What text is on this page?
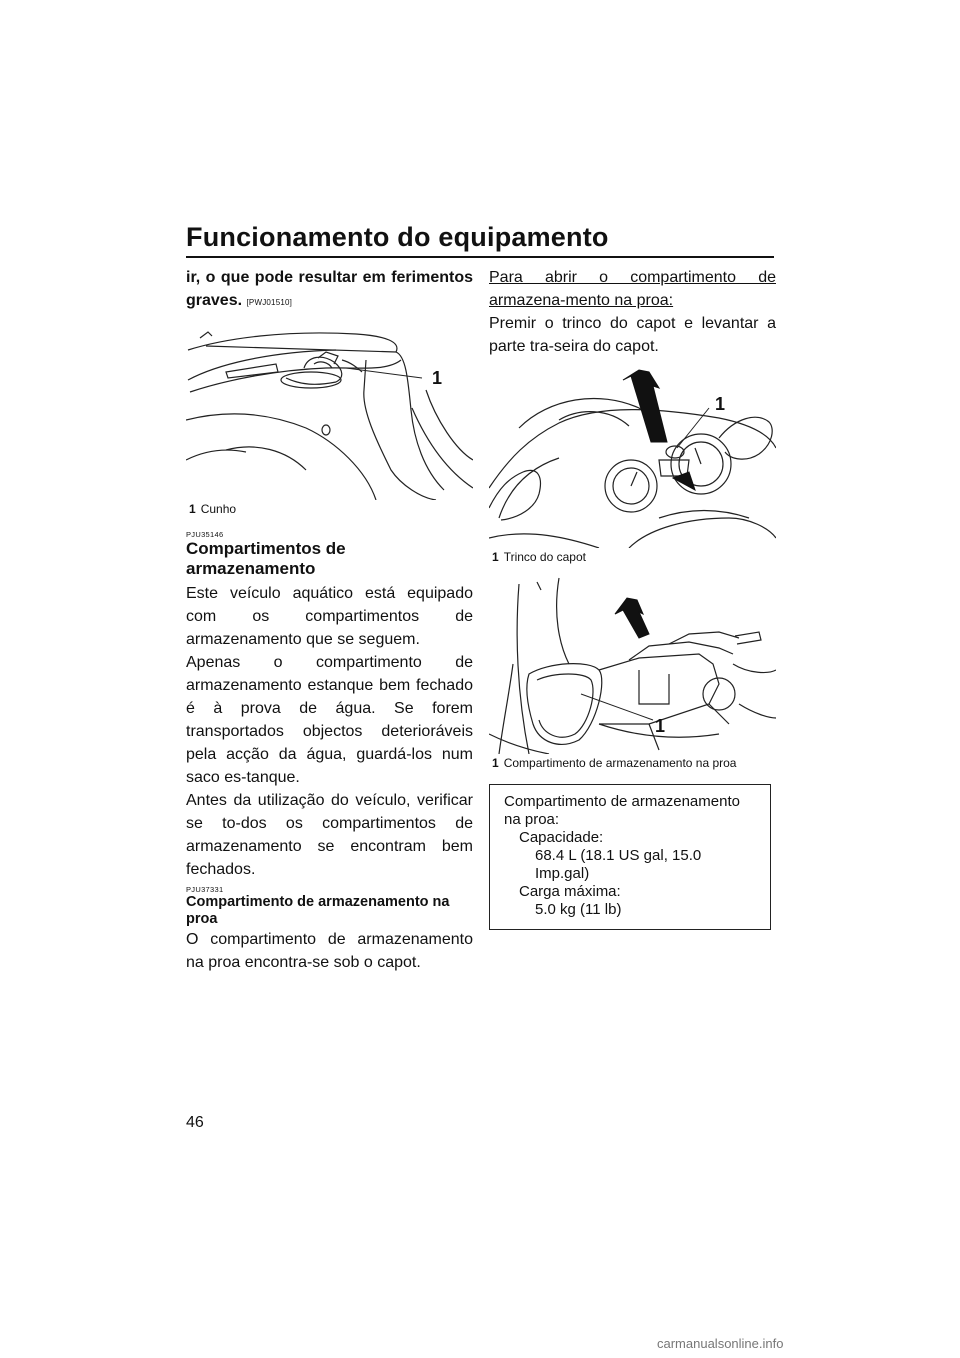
Funcionamento do equipamento

ir, o que pode resultar em ferimentos graves. [PWJ01510]

1
1 Cunho

PJU35146

Compartimentos de armazenamento

Este veículo aquático está equipado com os compartimentos de armazenamento que se seguem.

Apenas o compartimento de armazenamento estanque bem fechado é à prova de água. Se forem transportados objectos deterioráveis pela acção da água, guardá-los num saco es-tanque.

Antes da utilização do veículo, verificar se to-dos os compartimentos de armazenamento se encontram bem fechados.

PJU37331

Compartimento de armazenamento na proa

O compartimento de armazenamento na proa encontra-se sob o capot.

Para abrir o compartimento de armazena-mento na proa:

Premir o trinco do capot e levantar a parte tra-seira do capot.

1
1 Trinco do capot
1
1 Compartimento de armazenamento na proa
Compartimento de armazenamento na proa:
Capacidade:
68.4 L (18.1 US gal, 15.0 Imp.gal)
Carga máxima:
5.0 kg (11 lb)
46
carmanualsonline.info
